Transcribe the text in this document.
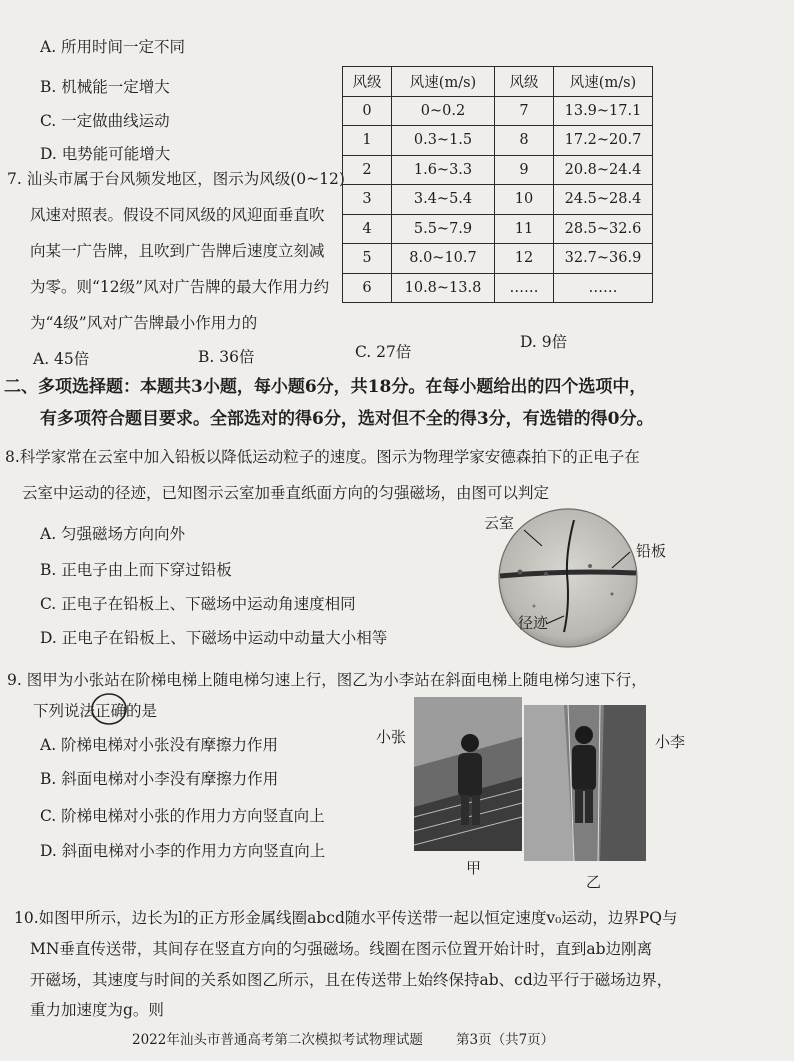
A. 所用时间一定不同
B. 机械能一定增大
C. 一定做曲线运动
D. 电势能可能增大
7. 汕头市属于台风频发地区，图示为风级(0~12)
风速对照表。假设不同风级的风迎面垂直吹
向某一广告牌，且吹到广告牌后速度立刻减
为零。则“12级”风对广告牌的最大作用力约
为“4级”风对广告牌最小作用力的
风级	风速(m/s)	风级	风速(m/s)
0	0~0.2	7	13.9~17.1
1	0.3~1.5	8	17.2~20.7
2	1.6~3.3	9	20.8~24.4
3	3.4~5.4	10	24.5~28.4
4	5.5~7.9	11	28.5~32.6
5	8.0~10.7	12	32.7~36.9
6	10.8~13.8	……	……
A. 45倍	B. 36倍	C. 27倍
D. 9倍
二、多项选择题：本题共3小题，每小题6分，共18分。在每小题给出的四个选项中，
有多项符合题目要求。全部选对的得6分，选对但不全的得3分，有选错的得0分。
8.科学家常在云室中加入铅板以降低运动粒子的速度。图示为物理学家安德森拍下的正电子在
云室中运动的径迹，已知图示云室加垂直纸面方向的匀强磁场，由图可以判定
A. 匀强磁场方向向外
B. 正电子由上而下穿过铅板
C. 正电子在铅板上、下磁场中运动角速度相同
D. 正电子在铅板上、下磁场中运动中动量大小相等
云室
铅板
径迹
9. 图甲为小张站在阶梯电梯上随电梯匀速上行，图乙为小李站在斜面电梯上随电梯匀速下行，
下列说法正确的是
A. 阶梯电梯对小张没有摩擦力作用
B. 斜面电梯对小李没有摩擦力作用
C. 阶梯电梯对小张的作用力方向竖直向上
D. 斜面电梯对小李的作用力方向竖直向上
小张	小李
甲
乙
10.如图甲所示，边长为l的正方形金属线圈abcd随水平传送带一起以恒定速度v₀运动，边界PQ与
MN垂直传送带，其间存在竖直方向的匀强磁场。线圈在图示位置开始计时，直到ab边刚离
开磁场，其速度与时间的关系如图乙所示，且在传送带上始终保持ab、cd边平行于磁场边界，
重力加速度为g。则
2022年汕头市普通高考第二次模拟考试物理试题 第3页（共7页）
